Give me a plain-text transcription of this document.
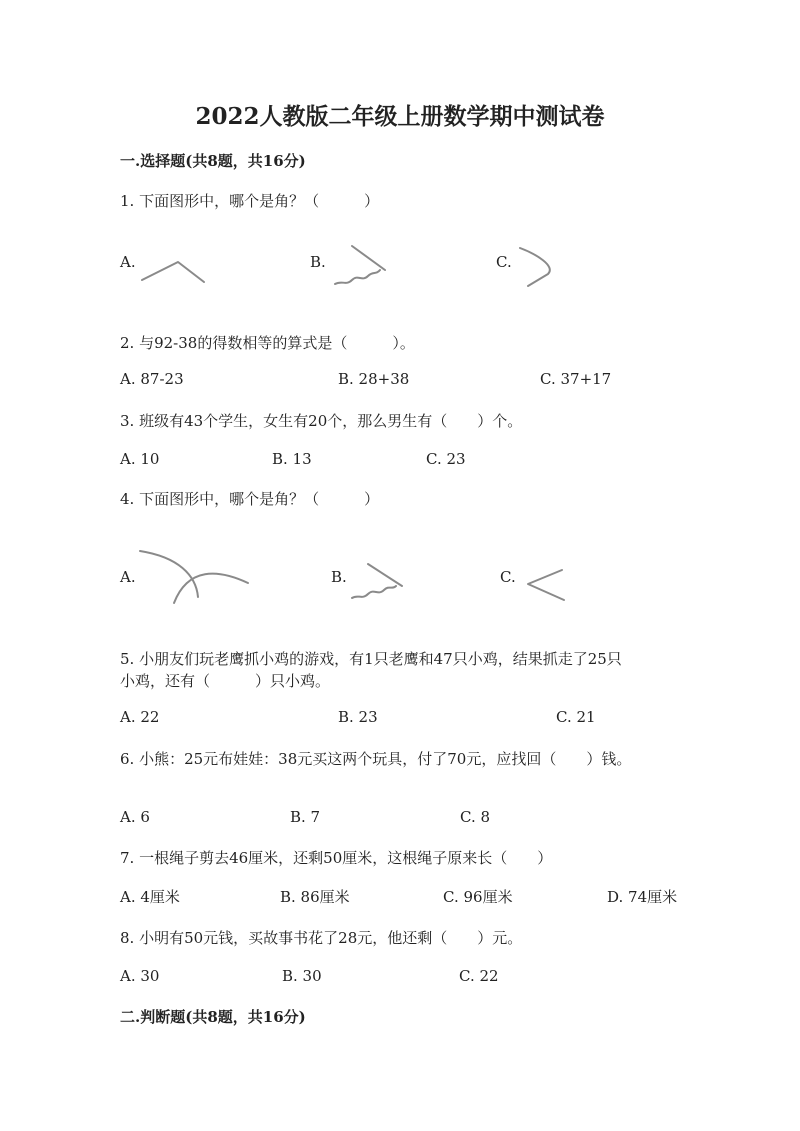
2022人教版二年级上册数学期中测试卷
一.选择题(共8题，共16分)
1. 下面图形中，哪个是角？（　　　）
A.	B.	C.
2. 与92-38的得数相等的算式是（　　　）。
A. 87-23	B. 28+38	C. 37+17
3. 班级有43个学生，女生有20个，那么男生有（　　）个。
A. 10	B. 13	C. 23
4. 下面图形中，哪个是角？（　　　）
A.	B.	C.
5. 小朋友们玩老鹰抓小鸡的游戏，有1只老鹰和47只小鸡，结果抓走了25只
小鸡，还有（　　　）只小鸡。
A. 22	B. 23	C. 21
6. 小熊：25元布娃娃：38元买这两个玩具，付了70元，应找回（　　）钱。
A. 6	B. 7	C. 8
7. 一根绳子剪去46厘米，还剩50厘米，这根绳子原来长（　　）
A. 4厘米	B. 86厘米	C. 96厘米	D. 74厘米
8. 小明有50元钱，买故事书花了28元，他还剩（　　）元。
A. 30	B. 30	C. 22
二.判断题(共8题，共16分)
